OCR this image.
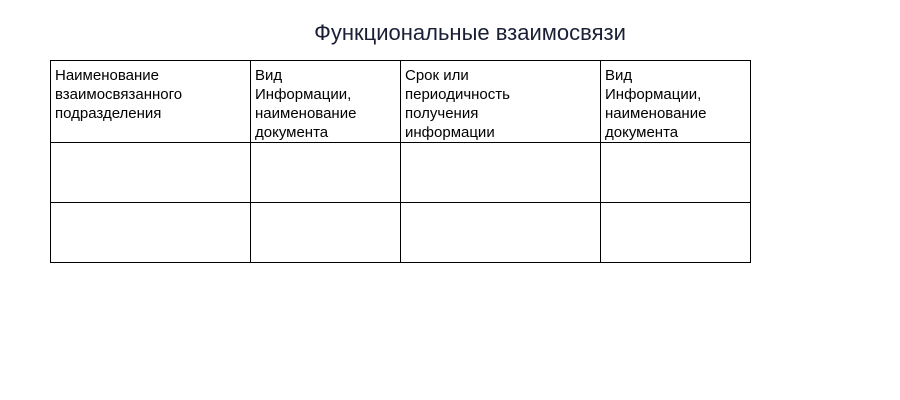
Функциональные взаимосвязи
Наименование
взаимосвязанного
подразделения	Вид
Информации,
наименование
документа	Срок или
периодичность
получения
информации	Вид
Информации,
наименование
документа
